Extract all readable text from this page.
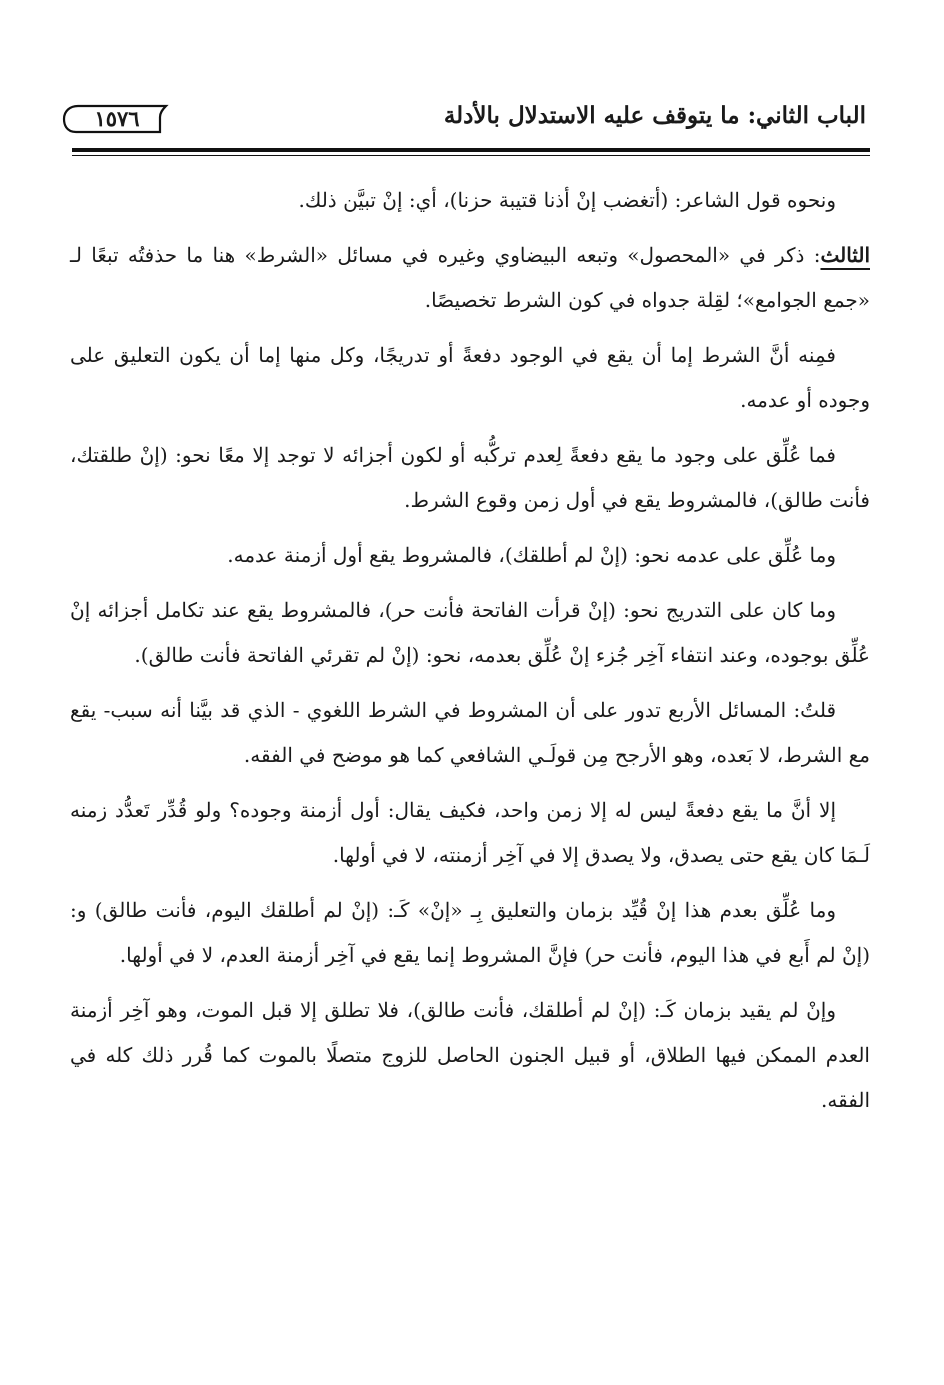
الباب الثاني: ما يتوقف عليه الاستدلال بالأدلة
١٥٧٦

ونحوه قول الشاعر: (أتغضب إنْ أذنا قتيبة حزنا)، أي: إنْ تبيَّن ذلك.

الثالث: ذكر في «المحصول» وتبعه البيضاوي وغيره في مسائل «الشرط» هنا ما حذفتُه تبعًا لـ «جمع الجوامع»؛ لقِلة جدواه في كون الشرط تخصيصًا.

فمِنه أنَّ الشرط إما أن يقع في الوجود دفعةً أو تدريجًا، وكل منها إما أن يكون التعليق على وجوده أو عدمه.

فما عُلِّق على وجود ما يقع دفعةً لِعدم تركُّبه أو لكون أجزائه لا توجد إلا معًا نحو: (إنْ طلقتك، فأنت طالق)، فالمشروط يقع في أول زمن وقوع الشرط.

وما عُلِّق على عدمه نحو: (إنْ لم أطلقك)، فالمشروط يقع أول أزمنة عدمه.

وما كان على التدريج نحو: (إنْ قرأت الفاتحة فأنت حر)، فالمشروط يقع عند تكامل أجزائه إنْ عُلِّق بوجوده، وعند انتفاء آخِر جُزء إنْ عُلِّق بعدمه، نحو: (إنْ لم تقرئي الفاتحة فأنت طالق).

قلتُ: المسائل الأربع تدور على أن المشروط في الشرط اللغوي - الذي قد بيَّنا أنه سبب- يقع مع الشرط، لا بَعده، وهو الأرجح مِن قولَـي الشافعي كما هو موضح في الفقه.

إلا أنَّ ما يقع دفعةً ليس له إلا زمن واحد، فكيف يقال: أول أزمنة وجوده؟ ولو قُدِّر تَعدُّد زمنه لَـمَا كان يقع حتى يصدق، ولا يصدق إلا في آخِر أزمنته، لا في أولها.

وما عُلِّق بعدم هذا إنْ قُيِّد بزمان والتعليق بِـ «إنْ» كَـ: (إنْ لم أطلقك اليوم، فأنت طالق) و: (إنْ لم أَبع في هذا اليوم، فأنت حر) فإنَّ المشروط إنما يقع في آخِر أزمنة العدم، لا في أولها.

وإنْ لم يقيد بزمان كَـ: (إنْ لم أطلقك، فأنت طالق)، فلا تطلق إلا قبل الموت، وهو آخِر أزمنة العدم الممكن فيها الطلاق، أو قبيل الجنون الحاصل للزوج متصلًا بالموت كما قُرر ذلك كله في الفقه.
